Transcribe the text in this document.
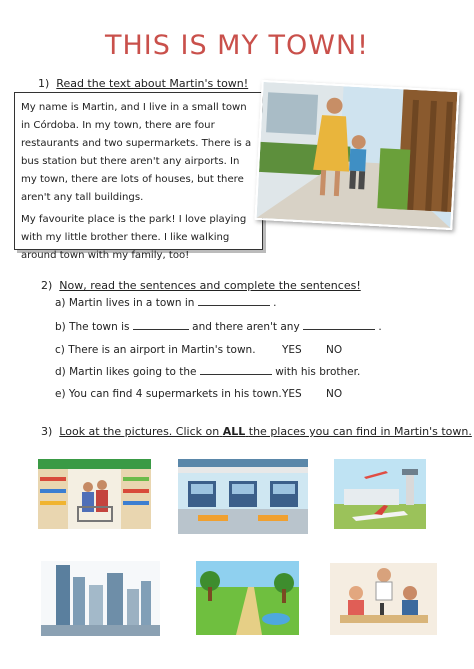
THIS IS MY TOWN!
1) Read the text about Martin's town!

My name is Martin, and I live in a small town in Córdoba. In my town, there are four restaurants and two supermarkets. There is a bus station but there aren't any airports. In my town, there are lots of houses, but there aren't any tall buildings.

My favourite place is the park! I love playing with my little brother there. I like walking around town with my family, too!

2) Now, read the sentences and complete the sentences!
a) Martin lives in a town in	.
b) The town is	and there aren't any	.
c) There is an airport in Martin's town.	YES NO
d) Martin likes going to the	with his brother.
e) You can find 4 supermarkets in his town. YES NO
3) Look at the pictures. Click on ALL the places you can find in Martin's town.
